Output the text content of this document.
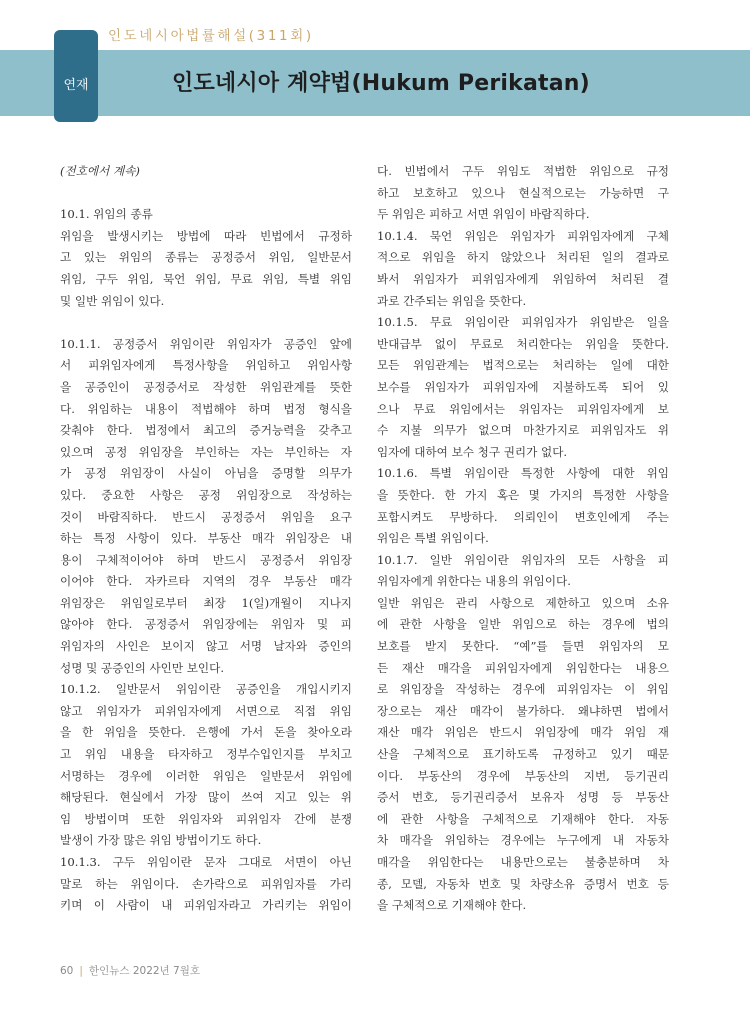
인도네시아법률해설(311회)
연재	인도네시아 계약법(Hukum Perikatan)
(전호에서 계속)
10.1. 위임의 종류
위임을 발생시키는 방법에 따라 빈법에서 규정하
고 있는 위임의 종류는 공정증서 위임, 일반문서
위임, 구두 위임, 묵언 위임, 무료 위임, 특별 위임
및 일반 위임이 있다.
10.1.1. 공정증서 위임이란 위임자가 공증인 앞에
서 피위임자에게 특정사항을 위임하고 위임사항
을 공증인이 공정증서로 작성한 위임관계를 뜻한
다. 위임하는 내용이 적법해야 하며 법정 형식을
갖춰야 한다. 법정에서 최고의 증거능력을 갖추고
있으며 공정 위임장을 부인하는 자는 부인하는 자
가 공정 위임장이 사실이 아님을 증명할 의무가
있다. 중요한 사항은 공정 위임장으로 작성하는
것이 바람직하다. 반드시 공정증서 위임을 요구
하는 특정 사항이 있다. 부동산 매각 위임장은 내
용이 구체적이어야 하며 반드시 공정증서 위임장
이어야 한다. 자카르타 지역의 경우 부동산 매각
위임장은 위임일로부터 최장 1(일)개월이 지나지
않아야 한다. 공정증서 위임장에는 위임자 및 피
위임자의 사인은 보이지 않고 서명 날자와 증인의
성명 및 공증인의 사인만 보인다.
10.1.2. 일반문서 위임이란 공증인을 개입시키지
않고 위임자가 피위임자에게 서면으로 직접 위임
을 한 위임을 뜻한다. 은행에 가서 돈을 찾아오라
고 위임 내용을 타자하고 정부수입인지를 부치고
서명하는 경우에 이러한 위임은 일반문서 위임에
해당된다. 현실에서 가장 많이 쓰여 지고 있는 위
임 방법이며 또한 위임자와 피위임자 간에 분쟁
발생이 가장 많은 위임 방법이기도 하다.
10.1.3. 구두 위임이란 문자 그대로 서면이 아닌
말로 하는 위임이다. 손가락으로 피위임자를 가리
키며 이 사람이 내 피위임자라고 가리키는 위임이
다. 빈법에서 구두 위임도 적법한 위임으로 규정
하고 보호하고 있으나 현실적으로는 가능하면 구
두 위임은 피하고 서면 위임이 바람직하다.
10.1.4. 묵언 위임은 위임자가 피위임자에게 구체
적으로 위임을 하지 않았으나 처리된 일의 결과로
봐서 위임자가 피위임자에게 위임하여 처리된 결
과로 간주되는 위임을 뜻한다.
10.1.5. 무료 위임이란 피위임자가 위임받은 일을
반대급부 없이 무료로 처리한다는 위임을 뜻한다.
모든 위임관계는 법적으로는 처리하는 일에 대한
보수를 위임자가 피위임자에 지불하도록 되어 있
으나 무료 위임에서는 위임자는 피위임자에게 보
수 지불 의무가 없으며 마찬가지로 피위임자도 위
임자에 대하여 보수 청구 권리가 없다.
10.1.6. 특별 위임이란 특정한 사항에 대한 위임
을 뜻한다. 한 가지 혹은 몇 가지의 특정한 사항을
포함시켜도 무방하다. 의뢰인이 변호인에게 주는
위임은 특별 위임이다.
10.1.7. 일반 위임이란 위임자의 모든 사항을 피
위임자에게 위한다는 내용의 위임이다.
일반 위임은 관리 사항으로 제한하고 있으며 소유
에 관한 사항을 일반 위임으로 하는 경우에 법의
보호를 받지 못한다. “예”를 들면 위임자의 모
든 재산 매각을 피위임자에게 위임한다는 내용으
로 위임장을 작성하는 경우에 피위임자는 이 위임
장으로는 재산 매각이 불가하다. 왜냐하면 법에서
재산 매각 위임은 반드시 위임장에 매각 위임 재
산을 구체적으로 표기하도록 규정하고 있기 때문
이다. 부동산의 경우에 부동산의 지번, 등기권리
증서 번호, 등기권리증서 보유자 성명 등 부동산
에 관한 사항을 구체적으로 기재해야 한다. 자동
차 매각을 위임하는 경우에는 누구에게 내 자동차
매각을 위임한다는 내용만으로는 불충분하며 차
종, 모델, 자동차 번호 및 차량소유 증명서 번호 등
을 구체적으로 기재해야 한다.
60 | 한인뉴스 2022년 7월호
